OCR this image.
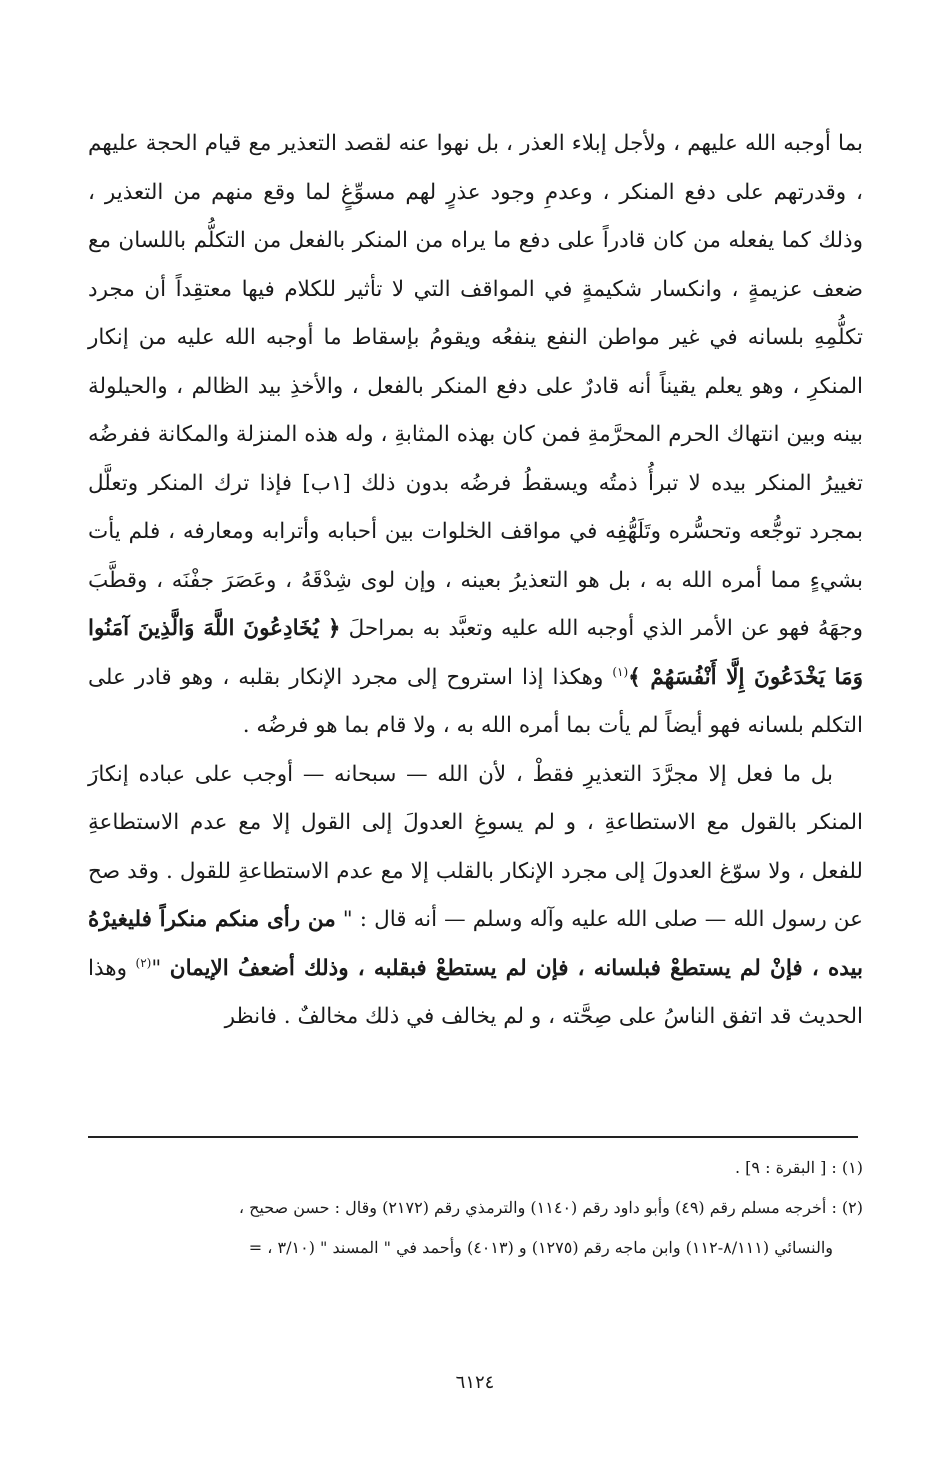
بما أوجبه الله عليهم ، ولأجل إبلاء العذر ، بل نهوا عنه لقصد التعذير مع قيام الحجة عليهم ، وقدرتهم على دفع المنكر ، وعدمِ وجود عذرٍ لهم مسوِّغٍ لما وقع منهم من التعذير ، وذلك كما يفعله من كان قادراً على دفع ما يراه من المنكر بالفعل من التكلُّم باللسان مع ضعف عزيمةٍ ، وانكسار شكيمةٍ في المواقف التي لا تأثير للكلام فيها معتقِداً أن مجرد تكلُّمِهِ بلسانه في غير مواطن النفع ينفعُه ويقومُ بإسقاط ما أوجبه الله عليه من إنكار المنكرِ ، وهو يعلم يقيناً أنه قادرٌ على دفع المنكر بالفعل ، والأخذِ بيد الظالم ، والحيلولة بينه وبين انتهاك الحرم المحرَّمةِ فمن كان بهذه المثابةِ ، وله هذه المنزلة والمكانة ففرضُه تغييرُ المنكر بيده لا تبرأُ ذمتُه ويسقطُ فرضُه بدون ذلك [١ب] فإذا ترك المنكر وتعلَّل بمجرد توجُّعه وتحسُّره وتَلَهُّفِه في مواقف الخلوات بين أحبابه وأترابه ومعارفه ، فلم يأت بشيءٍ مما أمره الله به ، بل هو التعذيرُ بعينه ، وإن لوى شِدْقَهُ ، وعَصَرَ جفْنَه ، وقطَّبَ وجهَهُ فهو عن الأمر الذي أوجبه الله عليه وتعبَّد به بمراحلَ ﴿ يُخَادِعُونَ اللَّهَ وَالَّذِينَ آمَنُوا وَمَا يَخْدَعُونَ إِلَّا أَنْفُسَهُمْ ﴾$^{(١)}$ وهكذا إذا استروح إلى مجرد الإنكار بقلبه ، وهو قادر على التكلم بلسانه فهو أيضاً لم يأت بما أمره الله به ، ولا قام بما هو فرضُه .

بل ما فعل إلا مجرَّدَ التعذيرِ فقطْ ، لأن الله — سبحانه — أوجب على عباده إنكارَ المنكر بالقول مع الاستطاعةِ ، و لم يسوغِ العدولَ إلى القول إلا مع عدم الاستطاعةِ للفعل ، ولا سوّغ العدولَ إلى مجرد الإنكار بالقلب إلا مع عدم الاستطاعةِ للقول . وقد صح عن رسول الله — صلى الله عليه وآله وسلم — أنه قال : " من رأى منكم منكراً فليغيرْهُ بيده ، فإنْ لم يستطعْ فبلسانه ، فإن لم يستطعْ فبقلبه ، وذلك أضعفُ الإيمان "$^{(٢)}$ وهذا الحديث قد اتفق الناسُ على صِحَّته ، و لم يخالف في ذلك مخالفٌ . فانظر

(١) : [ البقرة : ٩] .

(٢) : أخرجه مسلم رقم (٤٩) وأبو داود رقم (١١٤٠) والترمذي رقم (٢١٧٢) وقال : حسن صحيح ،

والنسائي (٨/١١١-١١٢) وابن ماجه رقم (١٢٧٥) و (٤٠١٣) وأحمد في " المسند " (٣/١٠ ، =

٦١٢٤
